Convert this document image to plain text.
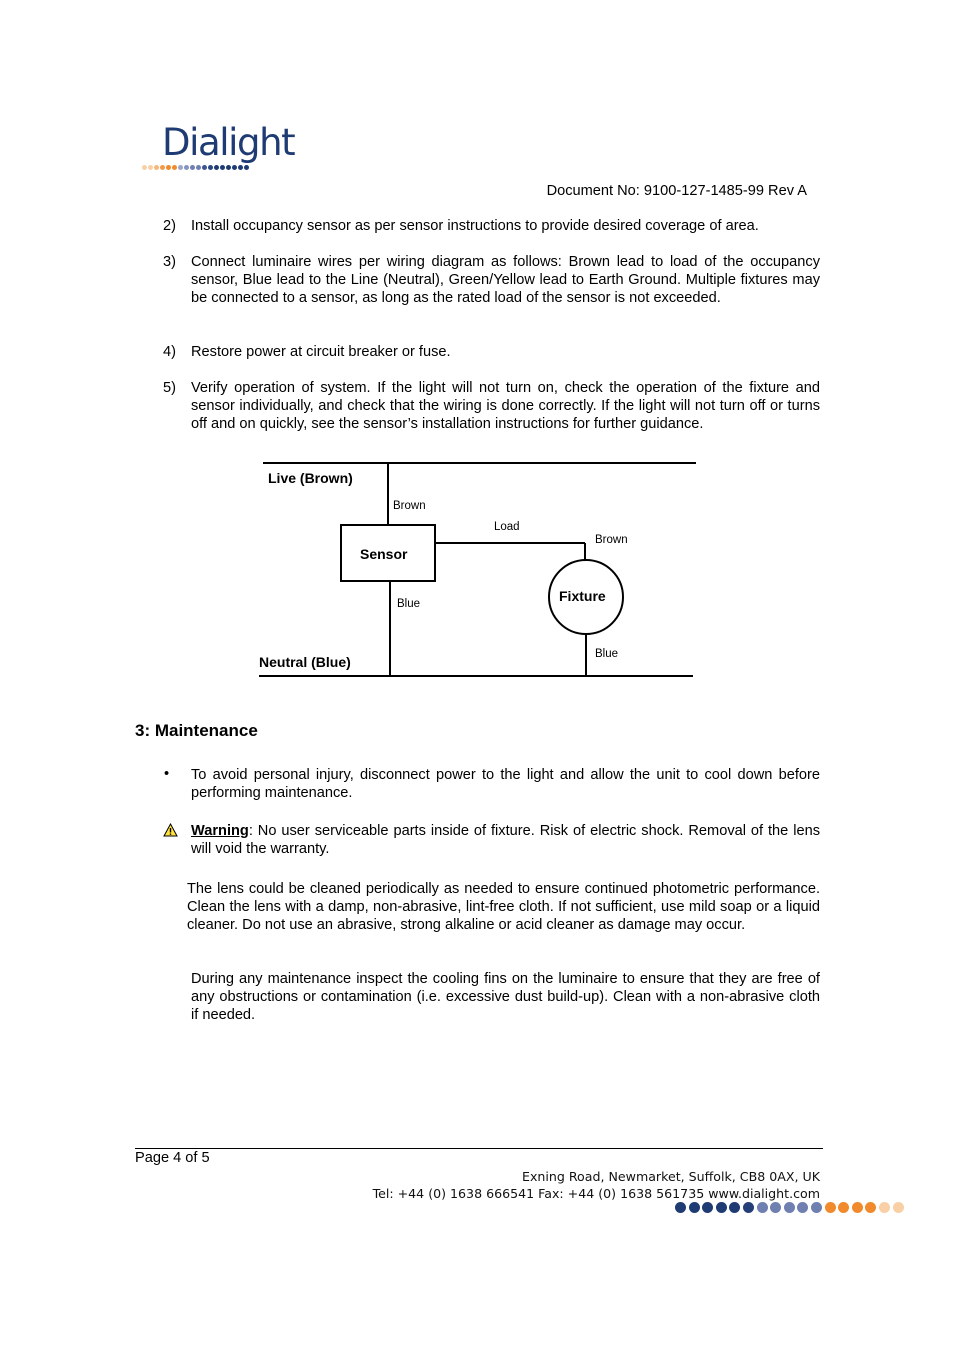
Dialight
Document No: 9100-127-1485-99 Rev A
2) Install occupancy sensor as per sensor instructions to provide desired coverage of area.
3) Connect luminaire wires per wiring diagram as follows: Brown lead to load of the occupancy sensor, Blue lead to the Line (Neutral), Green/Yellow lead to Earth Ground. Multiple fixtures may be connected to a sensor, as long as the rated load of the sensor is not exceeded.
4) Restore power at circuit breaker or fuse.
5) Verify operation of system. If the light will not turn on, check the operation of the fixture and sensor individually, and check that the wiring is done correctly. If the light will not turn off or turns off and on quickly, see the sensor’s installation instructions for further guidance.
Live (Brown)
Brown
Load
Brown
Sensor
Fixture
Blue
Blue
Neutral (Blue)
3: Maintenance
• To avoid personal injury, disconnect power to the light and allow the unit to cool down before performing maintenance.
Warning: No user serviceable parts inside of fixture. Risk of electric shock. Removal of the lens will void the warranty.
The lens could be cleaned periodically as needed to ensure continued photometric performance. Clean the lens with a damp, non-abrasive, lint-free cloth. If not sufficient, use mild soap or a liquid cleaner. Do not use an abrasive, strong alkaline or acid cleaner as damage may occur.
During any maintenance inspect the cooling fins on the luminaire to ensure that they are free of any obstructions or contamination (i.e. excessive dust build-up). Clean with a non-abrasive cloth if needed.
Page 4 of 5
Exning Road, Newmarket, Suffolk, CB8 0AX, UK
Tel: +44 (0) 1638 666541 Fax: +44 (0) 1638 561735 www.dialight.com
